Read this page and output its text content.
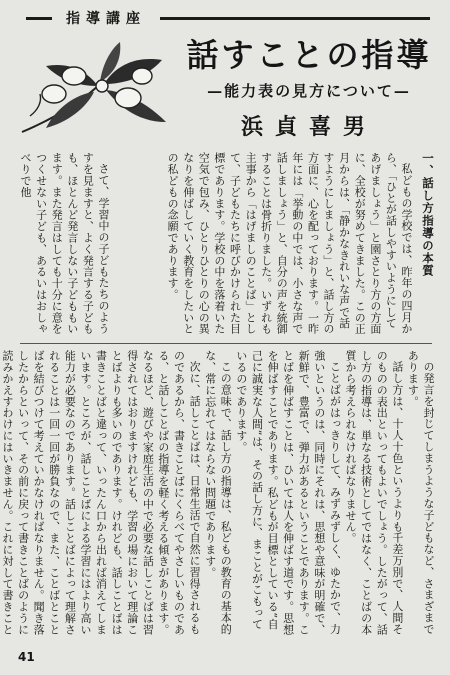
指導講座
話すことの指導
—能力表の見方について—
浜貞喜男

さて、学習中の子どもたちのようすを見ますと、よく発言する子どもも、ほとんど発言しない子どももいます。また発言はしても十分に意をつくせない子ども、あるいはおしゃべりで他	私どもの学校では、昨年の四月から、「ひとが話しやすいようにしてあげましょう」と園さとり方の方面に、全校が努めてきました。この正月からは、「静かなきれいな声で話すようにしましょう」と、話し方の方面に、心を配っております。一昨年には「挙動の中では、小さな声で話しましょう」と、自分の声を統御することは骨折りました。いずれも主事から「はげましのことば」として、子どもたちに呼びかけられた目標であります。学校の中を落着いた空気で包み、ひとりひとりの心の異なりを伸ばしていく教育をしたいとの私どもの念願であります。	一、話し方指導の本質

の発言を封じてしまうような子どもなど、さまざまであります。

話し方は、十人十色というよりも千差万別で、人間そのものの表出といってもよいでしょう。したがって、話し方の指導は、単なる技術としてではなく、ことばの本質から考えられなければなりません。

ことばがはっきりして、みずみずしく、ゆたかで、力強いというのは、同時にそれは、思想や意味が明確で、新鮮で、豊富で、弾力があるということであります。ことばを伸ばすことは、ひいては人を伸ばす道です。思想を伸ばすことであります。私どもが目標としている“自己に誠実な人間”は、その話し方に、まことがこもっているのであります。

この意味で、話し方の指導は、私どもの教育の基本的な、常に忘れてはならない問題であります。

次に、話しことばは、日常生活で自然に習得されるものであるから、書きことばにくらべてやさしいものである、と話しことばの指導を軽く考える傾きがあります。なるほど、遊びや家庭生活の中で必要な話しことばは習得されてはおりますけれども、学習の場において理論ことばよりも多いのであります。けれども、話しことばは書きことばと違って、いったん口から出れば消えてしまいます。ところが、話しことばによる学習にはより高い能力が必要なのであります。話しことばによって理解されることは一回一回が勝負なので、また、ことばとことばを結びつけて考えていかなければなりません。聞き落したからといって、その前に戻って書きことばのように読みかえすわけにはいきません。これに対して書きこと

41
